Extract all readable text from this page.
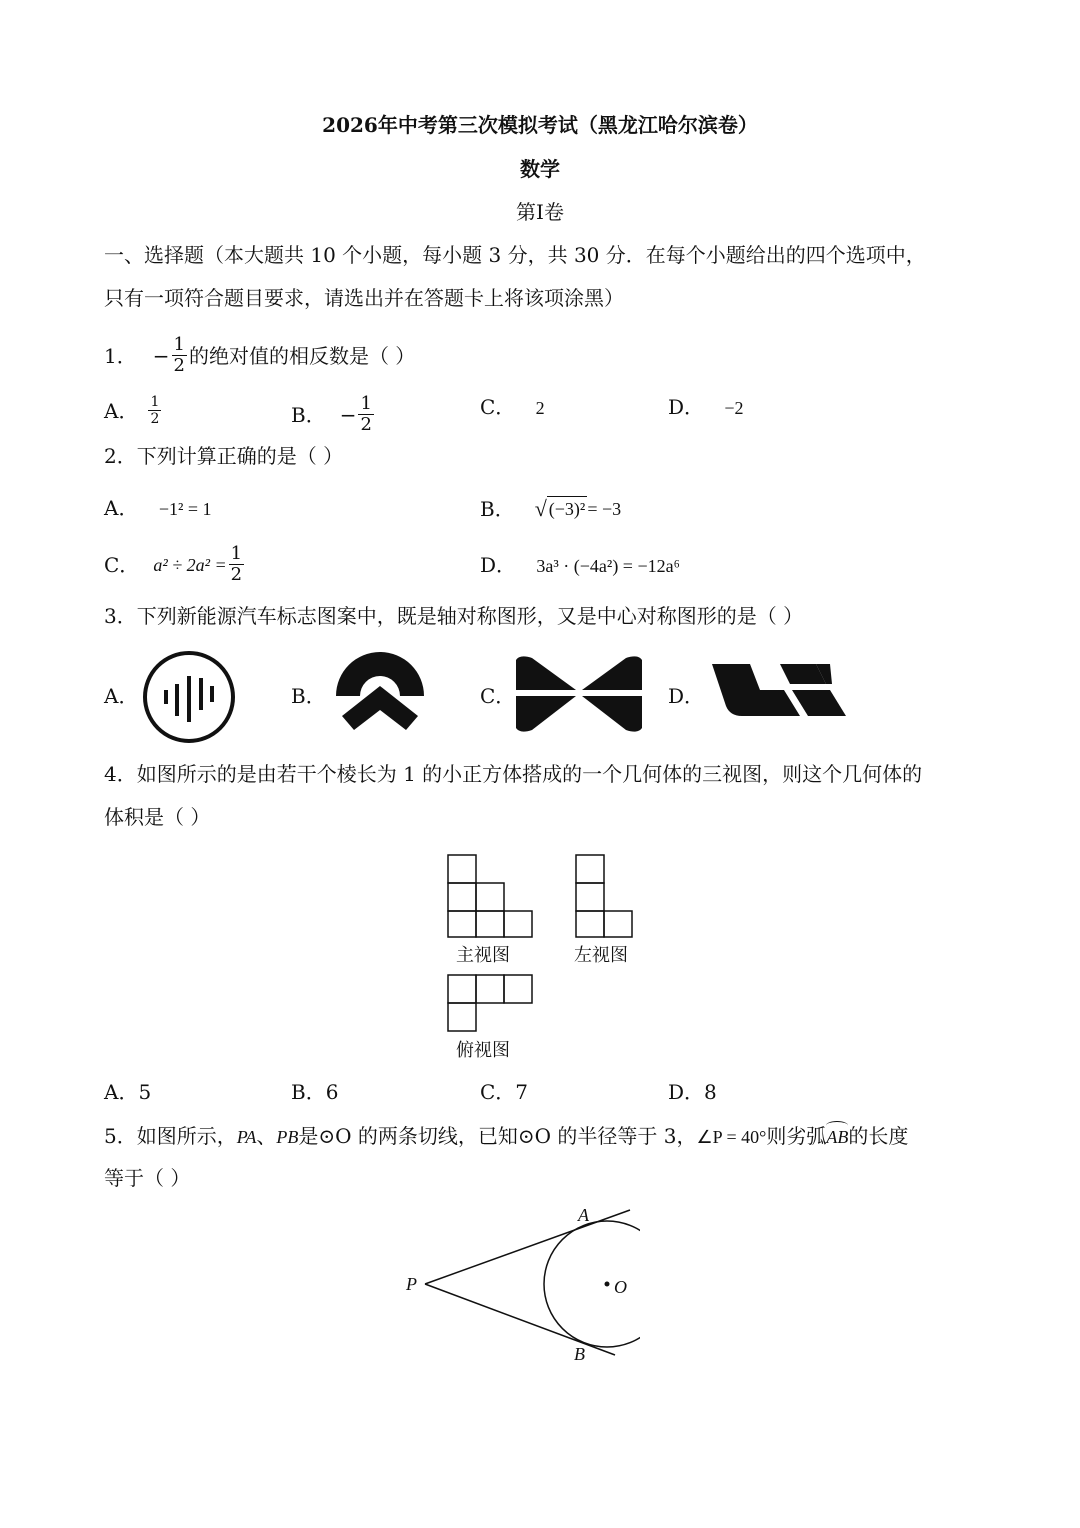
2026年中考第三次模拟考试（黑龙江哈尔滨卷）
数学
第Ⅰ卷
一、选择题（本大题共 10 个小题，每小题 3 分，共 30 分．在每个小题给出的四个选项中，
只有一项符合题目要求，请选出并在答题卡上将该项涂黑）
1． − $\frac{1}{2}$ 的绝对值的相反数是（ ）
A． $\frac{1}{2}$	B． − $\frac{1}{2}$	C． 2	D． −2
2．下列计算正确的是（ ）
A． −1² = 1	B． √ (−3)² = −3
C． $a^2 \div 2a^2 = \frac{1}{2}$	D． 3a³ · (−4a²) = −12a⁶
3．下列新能源汽车标志图案中，既是轴对称图形，又是中心对称图形的是（ ）
A．	B．	C．	D．
4．如图所示的是由若干个棱长为 1 的小正方体搭成的一个几何体的三视图，则这个几何体的
体积是（ ）
主视图	左视图
俯视图
A．5	B．6	C．7	D．8
5．如图所示，PA、PB是⊙O 的两条切线，已知⊙O 的半径等于 3，∠P = 40°则劣弧
AB的长度
等于（ ）
A
B
P	O
